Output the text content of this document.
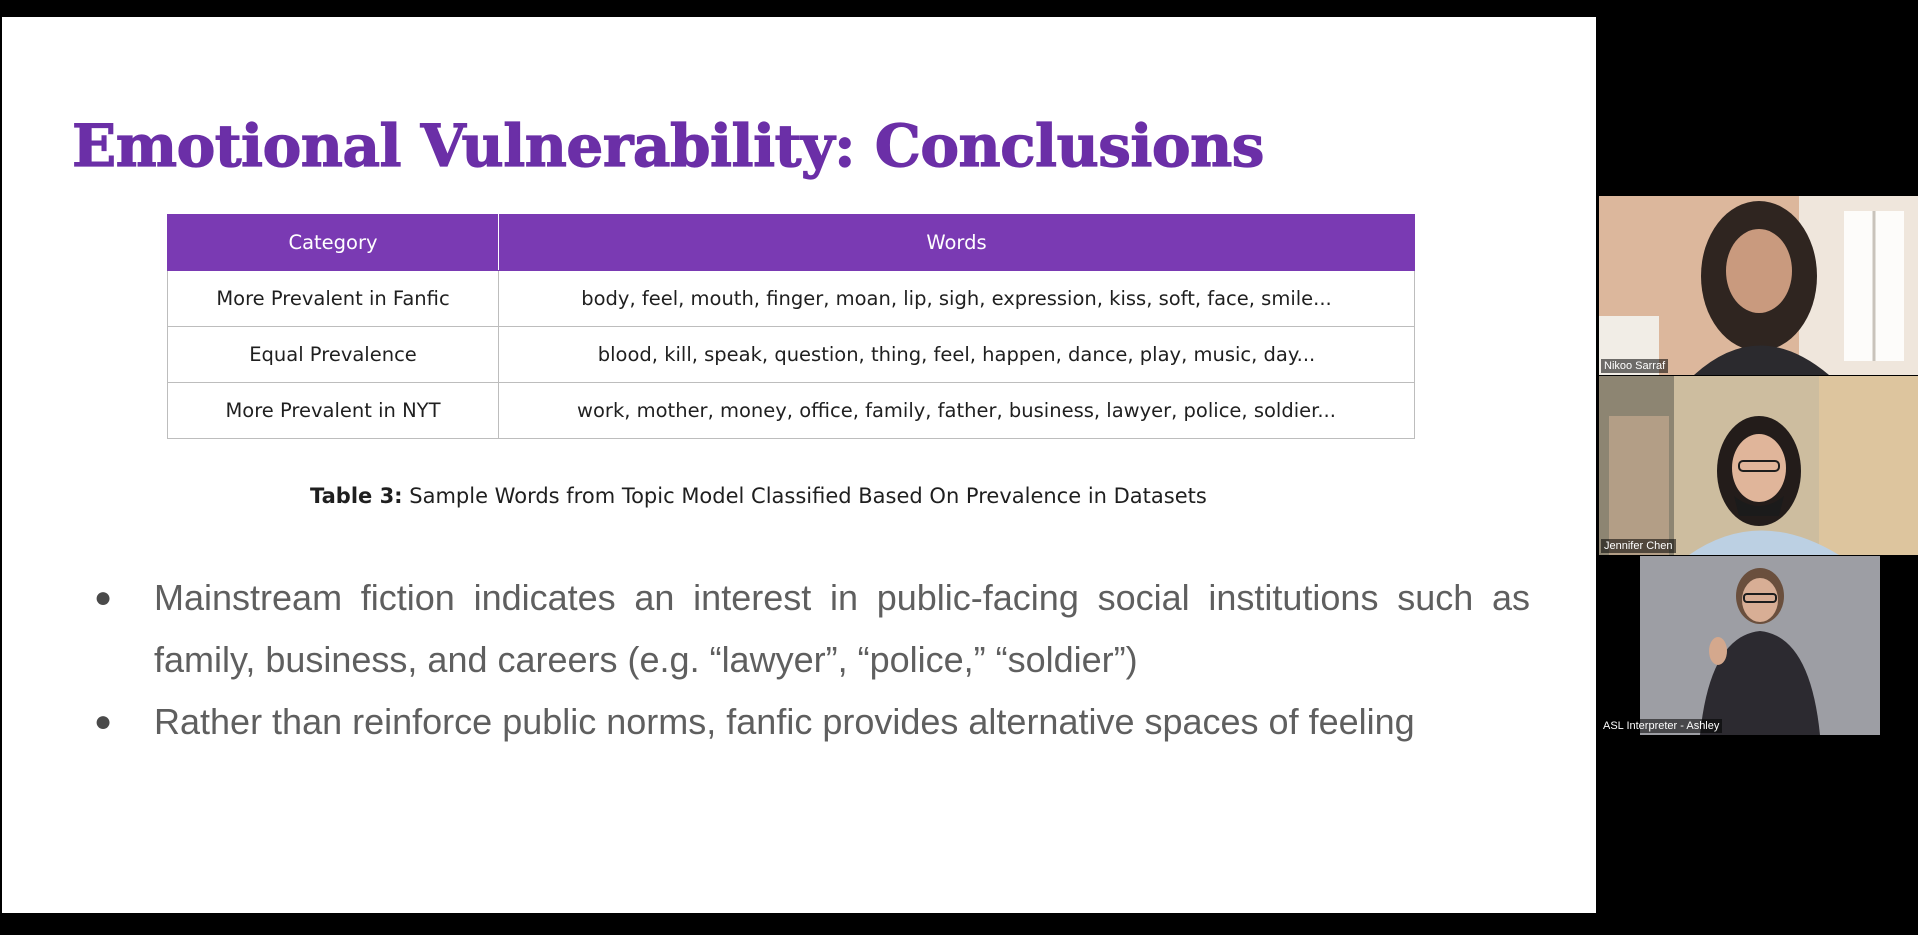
Emotional Vulnerability: Conclusions
Category	Words
More Prevalent in Fanfic	body, feel, mouth, finger, moan, lip, sigh, expression, kiss, soft, face, smile...
Equal Prevalence	blood, kill, speak, question, thing, feel, happen, dance, play, music, day...
More Prevalent in NYT	work, mother, money, office, family, father, business, lawyer, police, soldier...
Table 3: Sample Words from Topic Model Classified Based On Prevalence in Datasets
● Mainstream fiction indicates an interest in public-facing social institutions such as family, business, and careers (e.g. “lawyer”, “police,” “soldier”)
● Rather than reinforce public norms, fanfic provides alternative spaces of feeling
Nikoo Sarraf
Jennifer Chen
ASL Interpreter - Ashley
